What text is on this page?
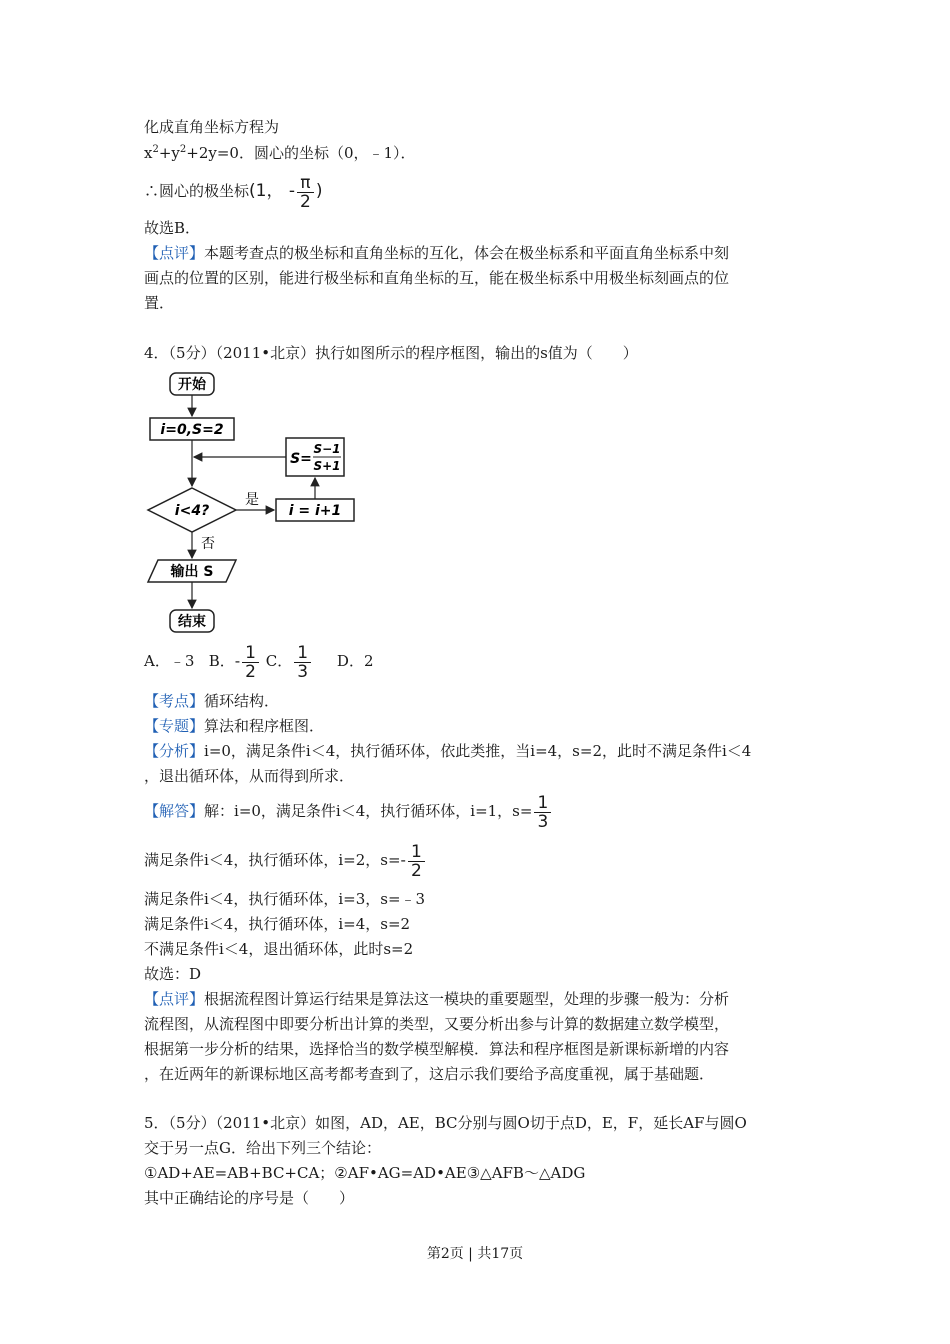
化成直角坐标方程为
$x^2+y^2+2y=0$．圆心的坐标（0，﹣1）．
∴圆心的极坐标(1， - $\frac{\pi}{2}$ )
故选B．
【点评】本题考查点的极坐标和直角坐标的互化，体会在极坐标系和平面直角坐标系中刻
画点的位置的区别，能进行极坐标和直角坐标的互，能在极坐标系中用极坐标刻画点的位
置．
4．（5分）（2011•北京）执行如图所示的程序框图，输出的s值为（　　）
开始
i=0,S=2
i<4?
是
i = i+1
S=
S−1
S+1
否
输出 S
结束
A．﹣3 B．- $\frac{1}{2}$ C． $\frac{1}{3}$ D．2
【考点】循环结构．
【专题】算法和程序框图．
【分析】i=0，满足条件i＜4，执行循环体，依此类推，当i=4，s=2，此时不满足条件i＜4
，退出循环体，从而得到所求．
【解答】解：i=0，满足条件i＜4，执行循环体，i=1，$s= \frac{1}{3}$
满足条件i＜4，执行循环体，i=2，$s=- \frac{1}{2}$
满足条件i＜4，执行循环体，i=3，s=﹣3
满足条件i＜4，执行循环体，i=4，s=2
不满足条件i＜4，退出循环体，此时s=2
故选：D
【点评】根据流程图计算运行结果是算法这一模块的重要题型，处理的步骤一般为：分析
流程图，从流程图中即要分析出计算的类型，又要分析出参与计算的数据建立数学模型，
根据第一步分析的结果，选择恰当的数学模型解模．算法和程序框图是新课标新增的内容
，在近两年的新课标地区高考都考查到了，这启示我们要给予高度重视，属于基础题．
5．（5分）（2011•北京）如图，AD，AE，BC分别与圆O切于点D，E，F，延长AF与圆O
交于另一点G．给出下列三个结论：
①AD+AE=AB+BC+CA；②AF•AG=AD•AE③△AFB～△ADG
其中正确结论的序号是（　　）
第2页 | 共17页
